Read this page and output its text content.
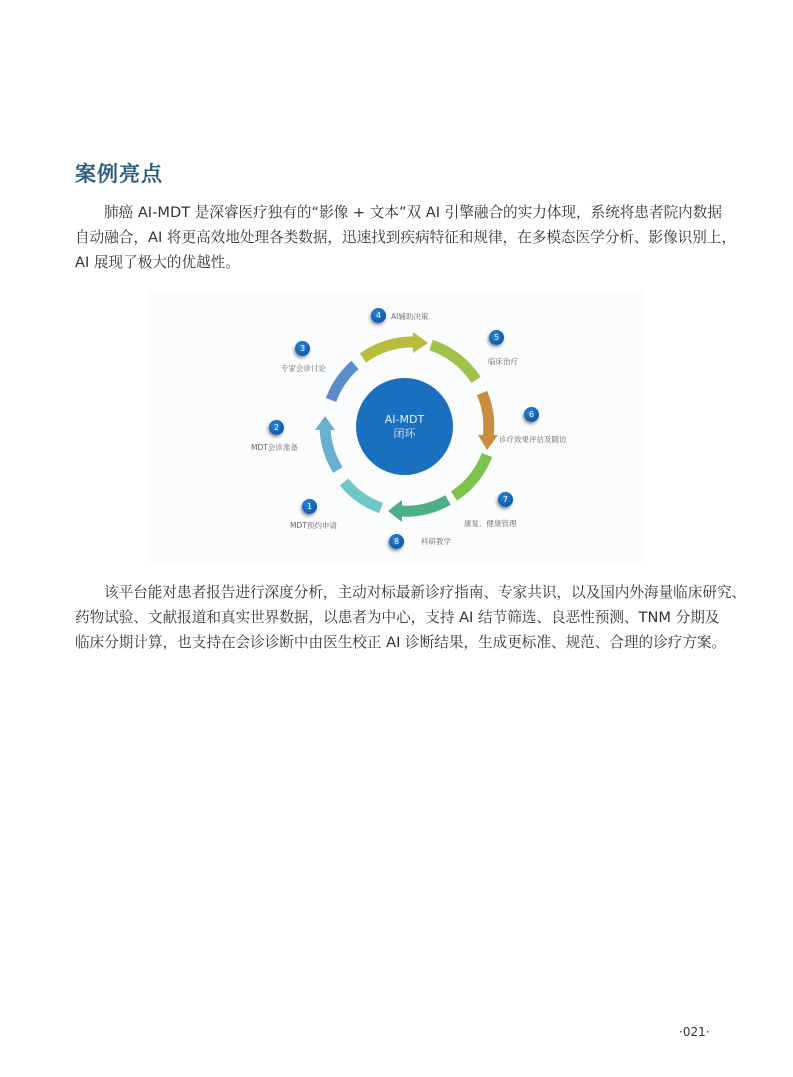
案例亮点
肺癌 AI-MDT 是深睿医疗独有的“影像 + 文本”双 AI 引擎融合的实力体现，系统将患者院内数据
自动融合，AI 将更高效地处理各类数据，迅速找到疾病特征和规律，在多模态医学分析、影像识别上，
AI 展现了极大的优越性。
AI-MDT
闭环
4	AI辅助决策
5
临床治疗
3
专家会诊讨论
6
诊疗效果评估及随访
2
MDT会诊准备
7
康复、健康管理
1
MDT预约申请
8	科研教学
该平台能对患者报告进行深度分析，主动对标最新诊疗指南、专家共识，以及国内外海量临床研究、
药物试验、文献报道和真实世界数据，以患者为中心，支持 AI 结节筛选、良恶性预测、TNM 分期及
临床分期计算，也支持在会诊诊断中由医生校正 AI 诊断结果，生成更标准、规范、合理的诊疗方案。
·021·
